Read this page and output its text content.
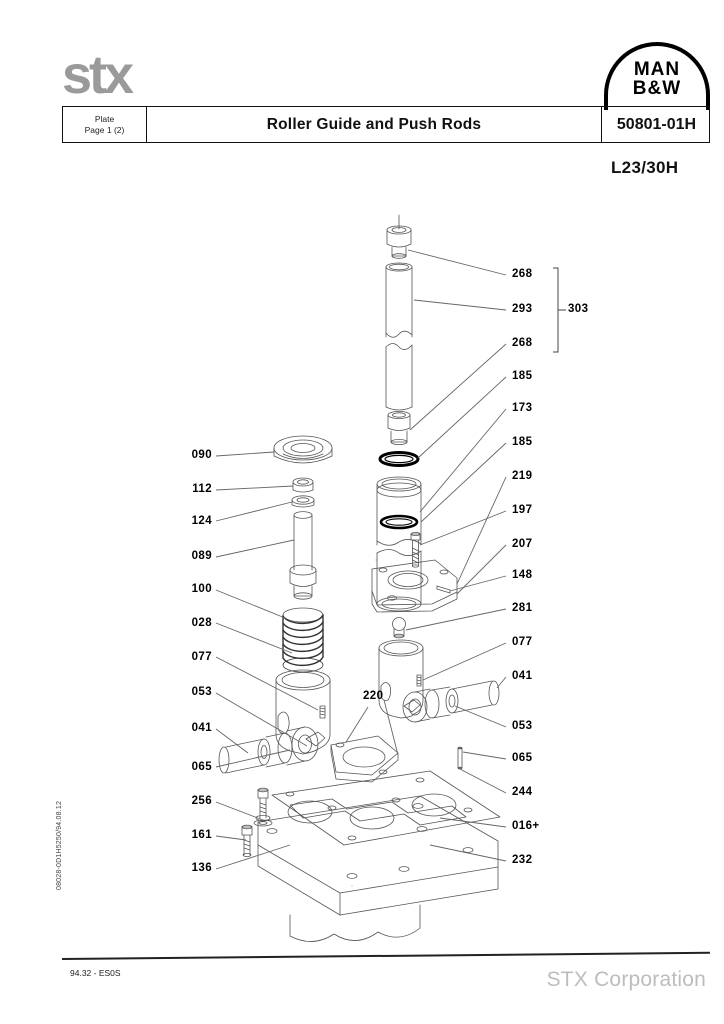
stx	MAN
B&W
Plate
Page 1 (2)	Roller Guide and Push Rods	50801-01H
L23/30H
08028-0D1H5250/94.08.12
090
112
124
089
100
028
077
053
041
065
256
161
136
268
293
268
185
173
185
219
197
207
148
281
077
041
053
065
244
016+
232
220
303
94.32 - ES0S	STX Corporation
